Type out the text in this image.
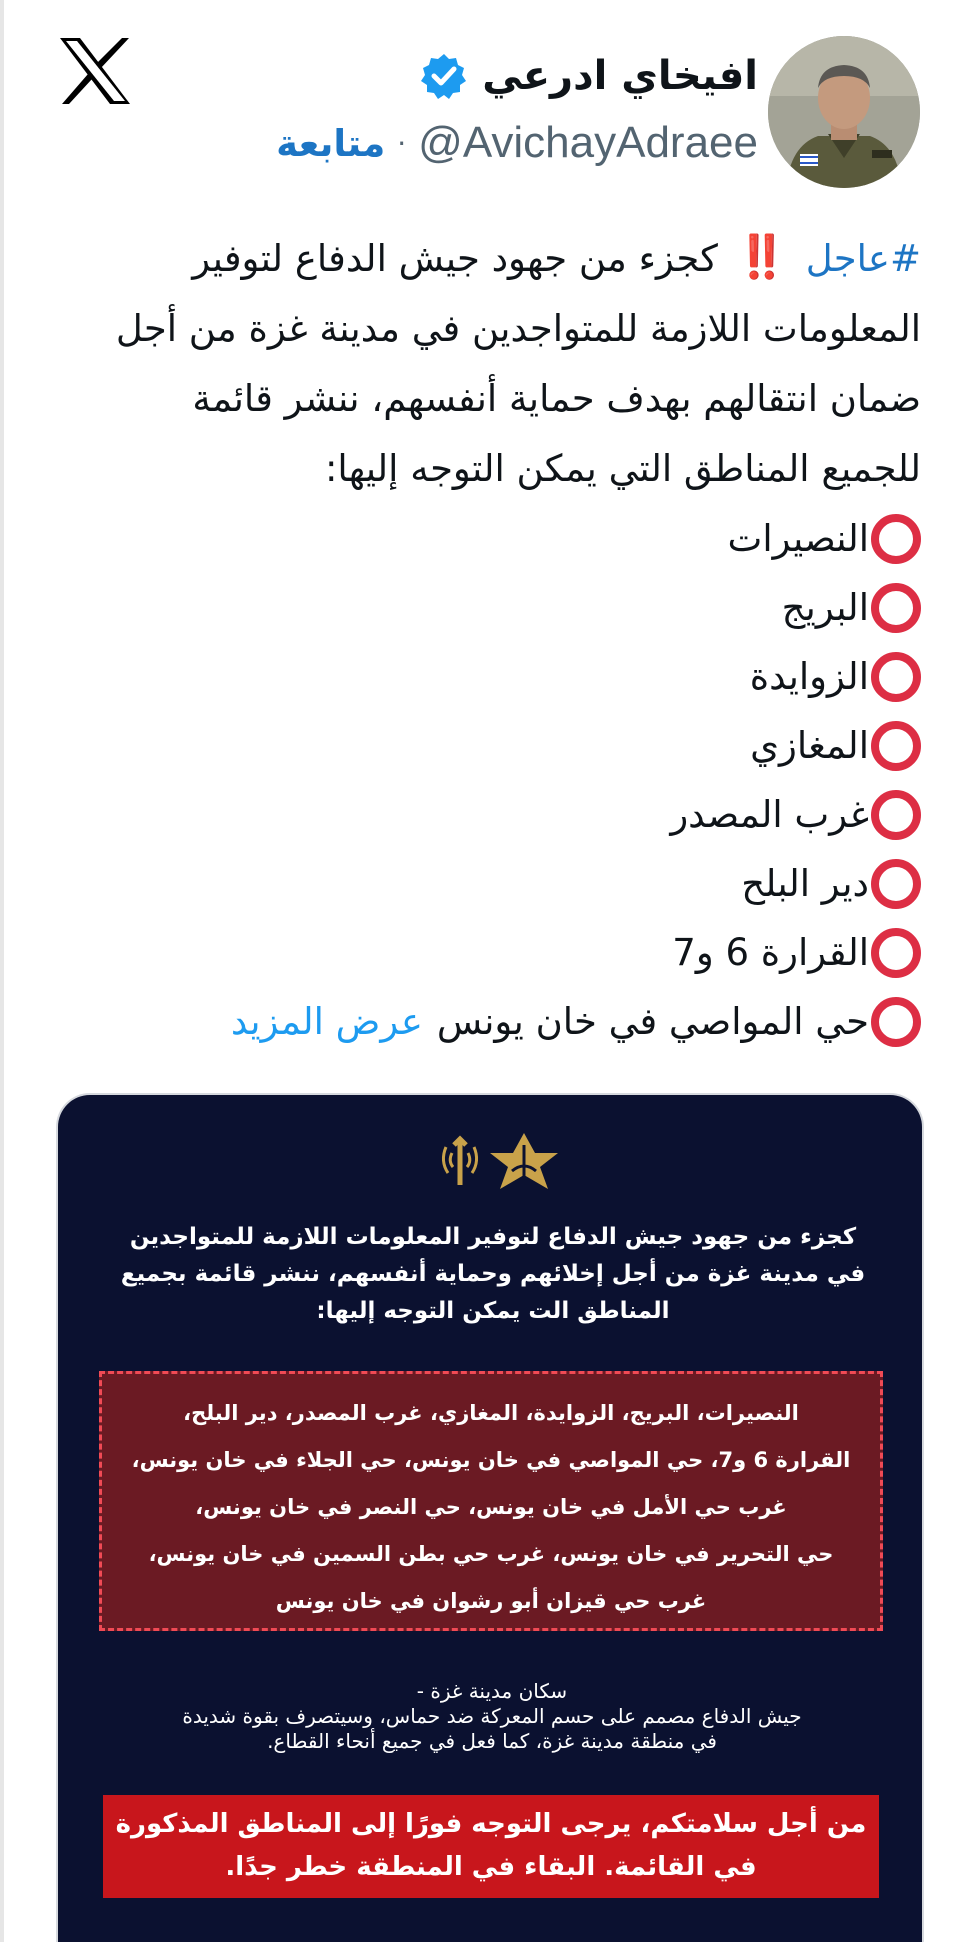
افيخاي ادرعي
@AvichayAdraee
·
متابعة
#عاجل ‼️ كجزء من جهود جيش الدفاع لتوفير
المعلومات اللازمة للمتواجدين في مدينة غزة من أجل
ضمان انتقالهم بهدف حماية أنفسهم، ننشر قائمة
للجميع المناطق التي يمكن التوجه إليها:
النصيرات
البريج
الزوايدة
المغازي
غرب المصدر
دير البلح
القرارة 6 و7
حي المواصي في خان يونس
عرض المزيد
كجزء من جهود جيش الدفاع لتوفير المعلومات اللازمة للمتواجدين
في مدينة غزة من أجل إخلائهم وحماية أنفسهم، ننشر قائمة بجميع
المناطق الت يمكن التوجه إليها:
النصيرات، البريج، الزوايدة، المغازي، غرب المصدر، دير البلح،
القرارة 6 و7، حي المواصي في خان يونس، حي الجلاء في خان يونس،
غرب حي الأمل في خان يونس، حي النصر في خان يونس،
حي التحرير في خان يونس، غرب حي بطن السمين في خان يونس،
غرب حي قيزان أبو رشوان في خان يونس
سكان مدينة غزة -
جيش الدفاع مصمم على حسم المعركة ضد حماس، وسيتصرف بقوة شديدة
في منطقة مدينة غزة، كما فعل في جميع أنحاء القطاع.
من أجل سلامتكم، يرجى التوجه فورًا إلى المناطق المذكورة
في القائمة. البقاء في المنطقة خطر جدًا.
